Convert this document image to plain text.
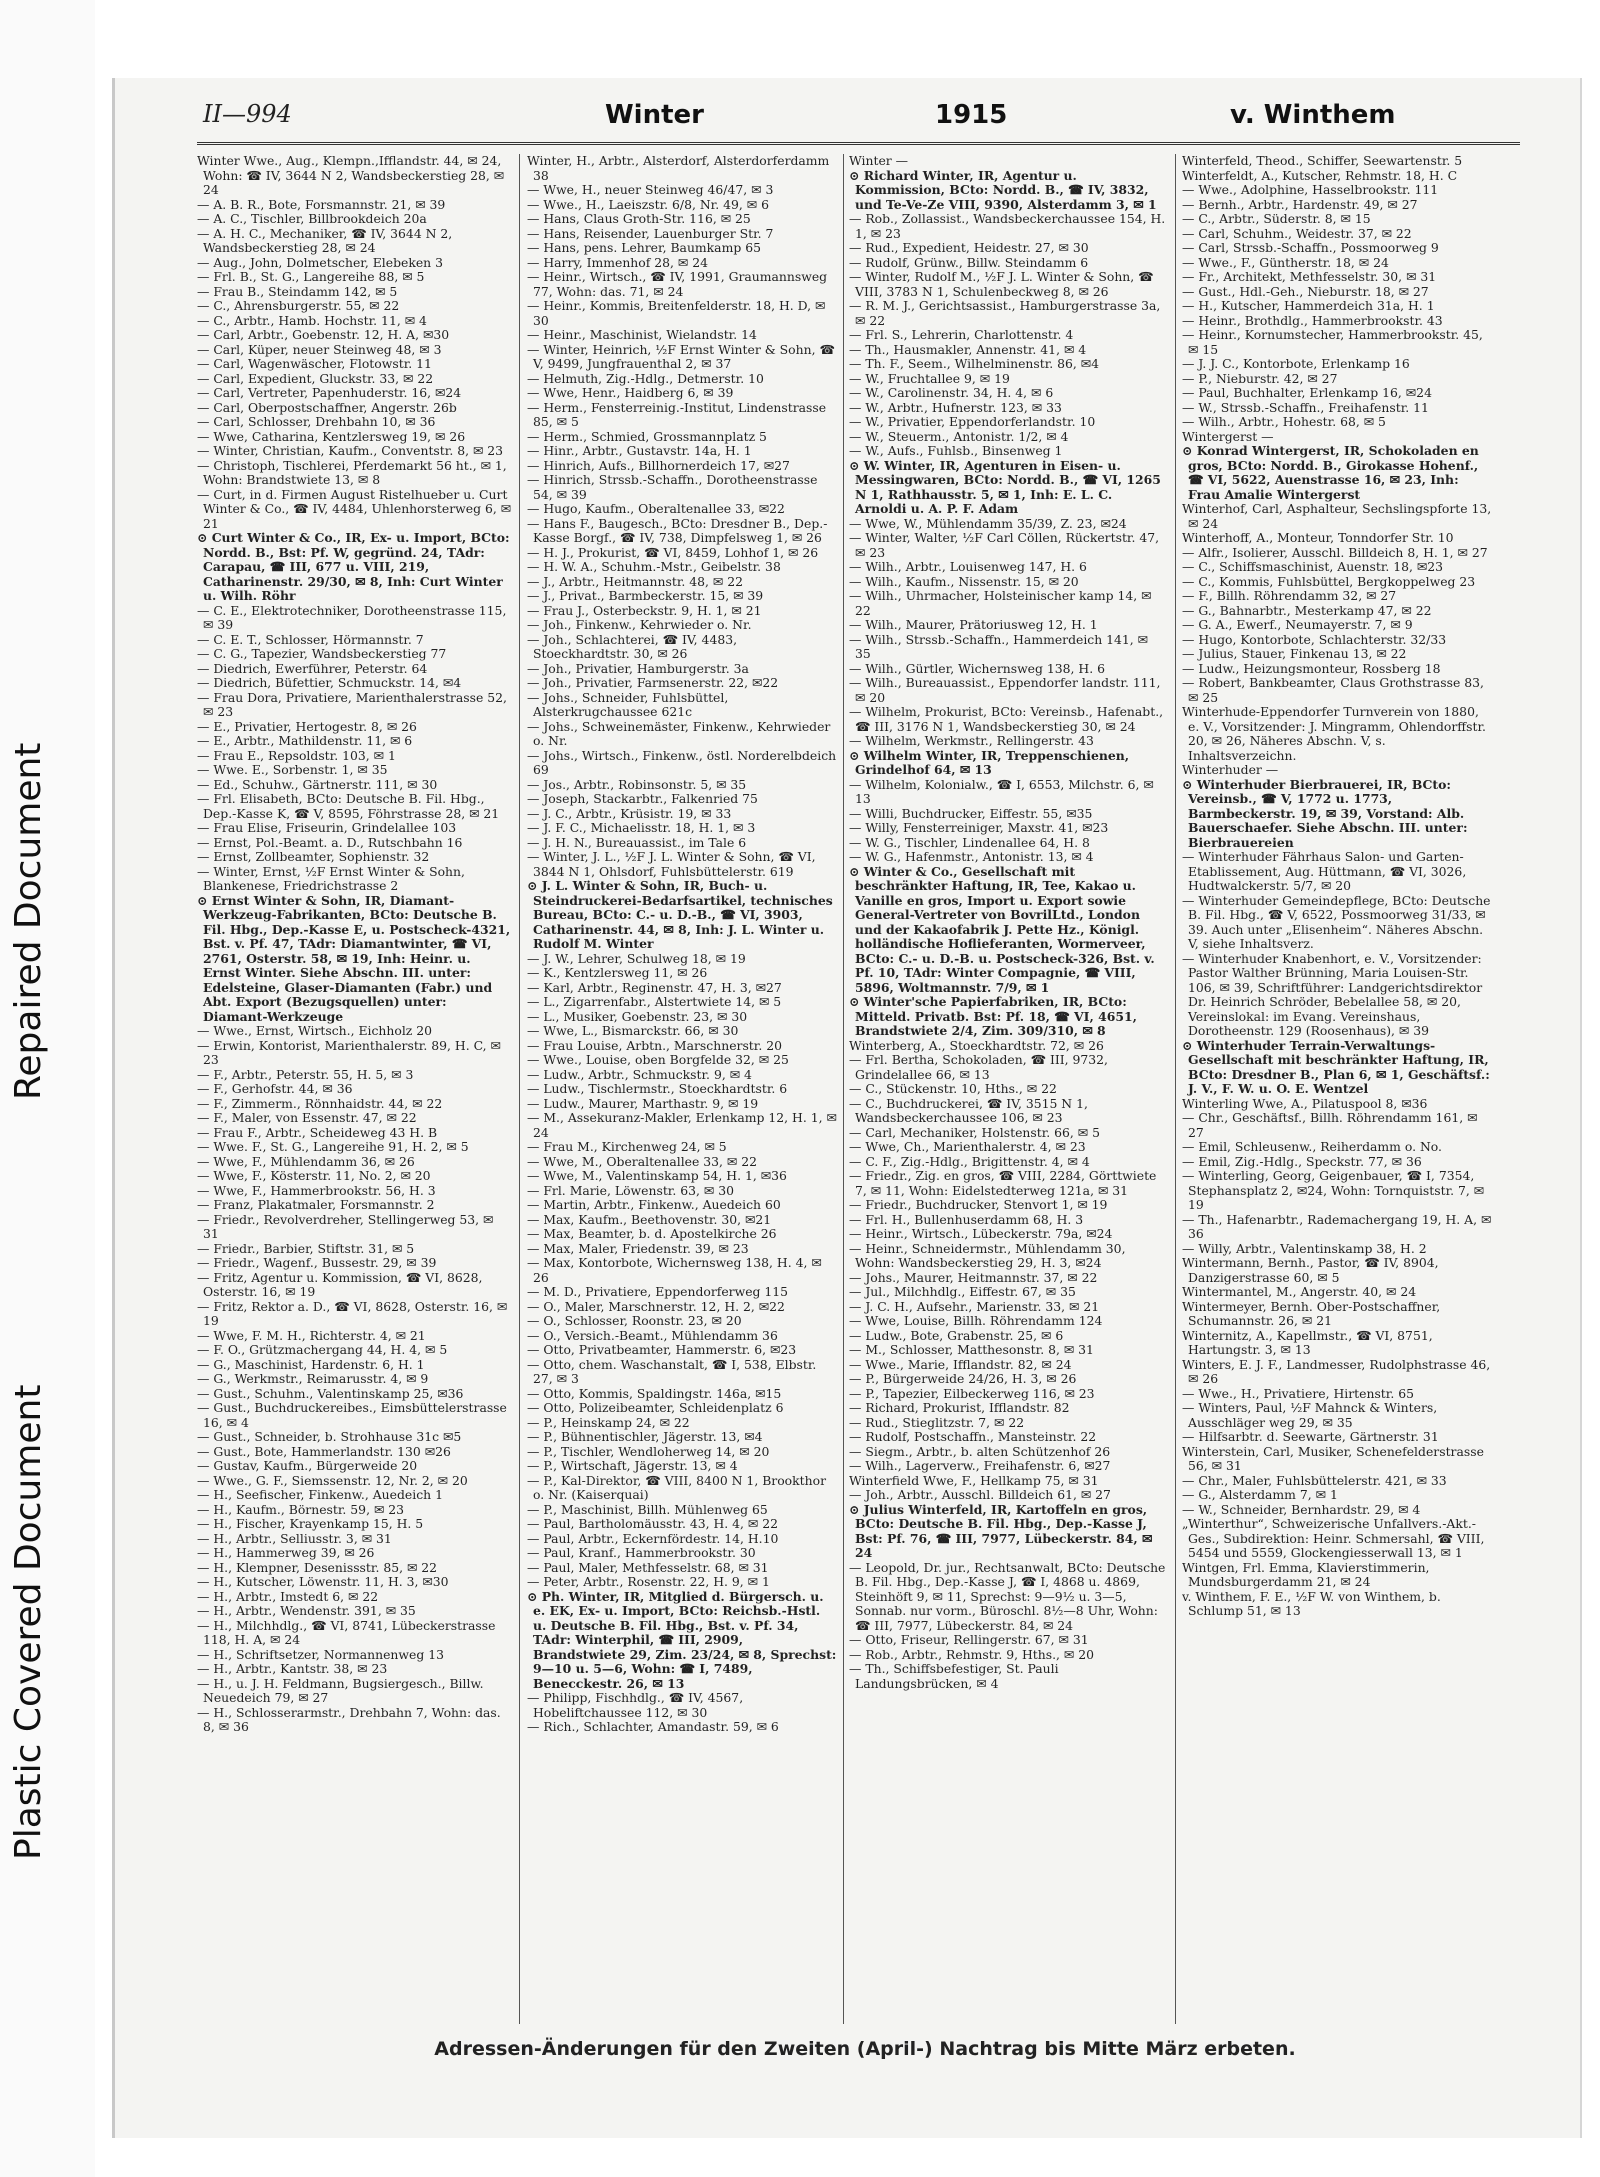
Repaired Document
Plastic Covered Document
II—994	Winter	1915	v. Winthem

Winter Wwe., Aug., Klempn.,Ifflandstr. 44, ✉ 24, Wohn: ☎ IV, 3644 N 2, Wandsbeckerstieg 28, ✉ 24

— A. B. R., Bote, Forsmannstr. 21, ✉ 39

— A. C., Tischler, Billbrookdeich 20a

— A. H. C., Mechaniker, ☎ IV, 3644 N 2, Wandsbeckerstieg 28, ✉ 24

— Aug., John, Dolmetscher, Elebeken 3

— Frl. B., St. G., Langereihe 88, ✉ 5

— Frau B., Steindamm 142, ✉ 5

— C., Ahrensburgerstr. 55, ✉ 22

— C., Arbtr., Hamb. Hochstr. 11, ✉ 4

— Carl, Arbtr., Goebenstr. 12, H. A, ✉30

— Carl, Küper, neuer Steinweg 48, ✉ 3

— Carl, Wagenwäscher, Flotowstr. 11

— Carl, Expedient, Gluckstr. 33, ✉ 22

— Carl, Vertreter, Papenhuderstr. 16, ✉24

— Carl, Oberpostschaffner, Angerstr. 26b

— Carl, Schlosser, Drehbahn 10, ✉ 36

— Wwe, Catharina, Kentzlersweg 19, ✉ 26

— Winter, Christian, Kaufm., Conventstr. 8, ✉ 23

— Christoph, Tischlerei, Pferdemarkt 56 ht., ✉ 1, Wohn: Brandstwiete 13, ✉ 8

— Curt, in d. Firmen August Ristelhueber u. Curt Winter & Co., ☎ IV, 4484, Uhlenhorsterweg 6, ✉ 21

⊙ Curt Winter & Co., IR, Ex- u. Import, BCto: Nordd. B., Bst: Pf. W, gegründ. 24, TAdr: Carapau, ☎ III, 677 u. VIII, 219, Catharinenstr. 29/30, ✉ 8, Inh: Curt Winter u. Wilh. Röhr

— C. E., Elektrotechniker, Dorotheenstrasse 115, ✉ 39

— C. E. T., Schlosser, Hörmannstr. 7

— C. G., Tapezier, Wandsbeckerstieg 77

— Diedrich, Ewerführer, Peterstr. 64

— Diedrich, Büfettier, Schmuckstr. 14, ✉4

— Frau Dora, Privatiere, Marienthalerstrasse 52, ✉ 23

— E., Privatier, Hertogestr. 8, ✉ 26

— E., Arbtr., Mathildenstr. 11, ✉ 6

— Frau E., Repsoldstr. 103, ✉ 1

— Wwe. E., Sorbenstr. 1, ✉ 35

— Ed., Schuhw., Gärtnerstr. 111, ✉ 30

— Frl. Elisabeth, BCto: Deutsche B. Fil. Hbg., Dep.-Kasse K, ☎ V, 8595, Föhrstrasse 28, ✉ 21

— Frau Elise, Friseurin, Grindelallee 103

— Ernst, Pol.-Beamt. a. D., Rutschbahn 16

— Ernst, Zollbeamter, Sophienstr. 32

— Winter, Ernst, ½F Ernst Winter & Sohn, Blankenese, Friedrichstrasse 2

⊙ Ernst Winter & Sohn, IR, Diamant-Werkzeug-Fabrikanten, BCto: Deutsche B. Fil. Hbg., Dep.-Kasse E, u. Postscheck-4321, Bst. v. Pf. 47, TAdr: Diamantwinter, ☎ VI, 2761, Osterstr. 58, ✉ 19, Inh: Heinr. u. Ernst Winter. Siehe Abschn. III. unter: Edelsteine, Glaser-Diamanten (Fabr.) und Abt. Export (Bezugsquellen) unter: Diamant-Werkzeuge

— Wwe., Ernst, Wirtsch., Eichholz 20

— Erwin, Kontorist, Marienthalerstr. 89, H. C, ✉ 23

— F., Arbtr., Peterstr. 55, H. 5, ✉ 3

— F., Gerhofstr. 44, ✉ 36

— F., Zimmerm., Rönnhaidstr. 44, ✉ 22

— F., Maler, von Essenstr. 47, ✉ 22

— Frau F., Arbtr., Scheideweg 43 H. B

— Wwe. F., St. G., Langereihe 91, H. 2, ✉ 5

— Wwe, F., Mühlendamm 36, ✉ 26

— Wwe, F., Kösterstr. 11, No. 2, ✉ 20

— Wwe, F., Hammerbrookstr. 56, H. 3

— Franz, Plakatmaler, Forsmannstr. 2

— Friedr., Revolverdreher, Stellingerweg 53, ✉ 31

— Friedr., Barbier, Stiftstr. 31, ✉ 5

— Friedr., Wagenf., Bussestr. 29, ✉ 39

— Fritz, Agentur u. Kommission, ☎ VI, 8628, Osterstr. 16, ✉ 19

— Fritz, Rektor a. D., ☎ VI, 8628, Osterstr. 16, ✉ 19

— Wwe, F. M. H., Richterstr. 4, ✉ 21

— F. O., Grützmachergang 44, H. 4, ✉ 5

— G., Maschinist, Hardenstr. 6, H. 1

— G., Werkmstr., Reimarusstr. 4, ✉ 9

— Gust., Schuhm., Valentinskamp 25, ✉36

— Gust., Buchdruckereibes., Eimsbüttelerstrasse 16, ✉ 4

— Gust., Schneider, b. Strohhause 31c ✉5

— Gust., Bote, Hammerlandstr. 130 ✉26

— Gustav, Kaufm., Bürgerweide 20

— Wwe., G. F., Siemssenstr. 12, Nr. 2, ✉ 20

— H., Seefischer, Finkenw., Auedeich 1

— H., Kaufm., Börnestr. 59, ✉ 23

— H., Fischer, Krayenkamp 15, H. 5

— H., Arbtr., Selliusstr. 3, ✉ 31

— H., Hammerweg 39, ✉ 26

— H., Klempner, Desenissstr. 85, ✉ 22

— H., Kutscher, Löwenstr. 11, H. 3, ✉30

— H., Arbtr., Imstedt 6, ✉ 22

— H., Arbtr., Wendenstr. 391, ✉ 35

— H., Milchhdlg., ☎ VI, 8741, Lübeckerstrasse 118, H. A, ✉ 24

— H., Schriftsetzer, Normannenweg 13

— H., Arbtr., Kantstr. 38, ✉ 23

— H., u. J. H. Feldmann, Bugsiergesch., Billw. Neuedeich 79, ✉ 27

— H., Schlosserarmstr., Drehbahn 7, Wohn: das. 8, ✉ 36

Winter, H., Arbtr., Alsterdorf, Alsterdorferdamm 38

— Wwe, H., neuer Steinweg 46/47, ✉ 3

— Wwe., H., Laeiszstr. 6/8, Nr. 49, ✉ 6

— Hans, Claus Groth-Str. 116, ✉ 25

— Hans, Reisender, Lauenburger Str. 7

— Hans, pens. Lehrer, Baumkamp 65

— Harry, Immenhof 28, ✉ 24

— Heinr., Wirtsch., ☎ IV, 1991, Graumannsweg 77, Wohn: das. 71, ✉ 24

— Heinr., Kommis, Breitenfelderstr. 18, H. D, ✉ 30

— Heinr., Maschinist, Wielandstr. 14

— Winter, Heinrich, ½F Ernst Winter & Sohn, ☎ V, 9499, Jungfrauenthal 2, ✉ 37

— Helmuth, Zig.-Hdlg., Detmerstr. 10

— Wwe, Henr., Haidberg 6, ✉ 39

— Herm., Fensterreinig.-Institut, Lindenstrasse 85, ✉ 5

— Herm., Schmied, Grossmannplatz 5

— Hinr., Arbtr., Gustavstr. 14a, H. 1

— Hinrich, Aufs., Billhornerdeich 17, ✉27

— Hinrich, Strssb.-Schaffn., Dorotheenstrasse 54, ✉ 39

— Hugo, Kaufm., Oberaltenallee 33, ✉22

— Hans F., Baugesch., BCto: Dresdner B., Dep.-Kasse Borgf., ☎ IV, 738, Dimpfelsweg 1, ✉ 26

— H. J., Prokurist, ☎ VI, 8459, Lohhof 1, ✉ 26

— H. W. A., Schuhm.-Mstr., Geibelstr. 38

— J., Arbtr., Heitmannstr. 48, ✉ 22

— J., Privat., Barmbeckerstr. 15, ✉ 39

— Frau J., Osterbeckstr. 9, H. 1, ✉ 21

— Joh., Finkenw., Kehrwieder o. Nr.

— Joh., Schlachterei, ☎ IV, 4483, Stoeckhardtstr. 30, ✉ 26

— Joh., Privatier, Hamburgerstr. 3a

— Joh., Privatier, Farmsenerstr. 22, ✉22

— Johs., Schneider, Fuhlsbüttel, Alsterkrugchaussee 621c

— Johs., Schweinemäster, Finkenw., Kehrwieder o. Nr.

— Johs., Wirtsch., Finkenw., östl. Norderelbdeich 69

— Jos., Arbtr., Robinsonstr. 5, ✉ 35

— Joseph, Stackarbtr., Falkenried 75

— J. C., Arbtr., Krüsistr. 19, ✉ 33

— J. F. C., Michaelisstr. 18, H. 1, ✉ 3

— J. H. N., Bureauassist., im Tale 6

— Winter, J. L., ½F J. L. Winter & Sohn, ☎ VI, 3844 N 1, Ohlsdorf, Fuhlsbüttelerstr. 619

⊙ J. L. Winter & Sohn, IR, Buch- u. Steindruckerei-Bedarfsartikel, technisches Bureau, BCto: C.- u. D.-B., ☎ VI, 3903, Catharinenstr. 44, ✉ 8, Inh: J. L. Winter u. Rudolf M. Winter

— J. W., Lehrer, Schulweg 18, ✉ 19

— K., Kentzlersweg 11, ✉ 26

— Karl, Arbtr., Reginenstr. 47, H. 3, ✉27

— L., Zigarrenfabr., Alstertwiete 14, ✉ 5

— L., Musiker, Goebenstr. 23, ✉ 30

— Wwe, L., Bismarckstr. 66, ✉ 30

— Frau Louise, Arbtn., Marschnerstr. 20

— Wwe., Louise, oben Borgfelde 32, ✉ 25

— Ludw., Arbtr., Schmuckstr. 9, ✉ 4

— Ludw., Tischlermstr., Stoeckhardtstr. 6

— Ludw., Maurer, Marthastr. 9, ✉ 19

— M., Assekuranz-Makler, Erlenkamp 12, H. 1, ✉ 24

— Frau M., Kirchenweg 24, ✉ 5

— Wwe, M., Oberaltenallee 33, ✉ 22

— Wwe, M., Valentinskamp 54, H. 1, ✉36

— Frl. Marie, Löwenstr. 63, ✉ 30

— Martin, Arbtr., Finkenw., Auedeich 60

— Max, Kaufm., Beethovenstr. 30, ✉21

— Max, Beamter, b. d. Apostelkirche 26

— Max, Maler, Friedenstr. 39, ✉ 23

— Max, Kontorbote, Wichernsweg 138, H. 4, ✉ 26

— M. D., Privatiere, Eppendorferweg 115

— O., Maler, Marschnerstr. 12, H. 2, ✉22

— O., Schlosser, Roonstr. 23, ✉ 20

— O., Versich.-Beamt., Mühlendamm 36

— Otto, Privatbeamter, Hammerstr. 6, ✉23

— Otto, chem. Waschanstalt, ☎ I, 538, Elbstr. 27, ✉ 3

— Otto, Kommis, Spaldingstr. 146a, ✉15

— Otto, Polizeibeamter, Schleidenplatz 6

— P., Heinskamp 24, ✉ 22

— P., Bühnentischler, Jägerstr. 13, ✉4

— P., Tischler, Wendloherweg 14, ✉ 20

— P., Wirtschaft, Jägerstr. 13, ✉ 4

— P., Kal-Direktor, ☎ VIII, 8400 N 1, Brookthor o. Nr. (Kaiserquai)

— P., Maschinist, Billh. Mühlenweg 65

— Paul, Bartholomäusstr. 43, H. 4, ✉ 22

— Paul, Arbtr., Eckernfördestr. 14, H.10

— Paul, Kranf., Hammerbrookstr. 30

— Paul, Maler, Methfesselstr. 68, ✉ 31

— Peter, Arbtr., Rosenstr. 22, H. 9, ✉ 1

⊙ Ph. Winter, IR, Mitglied d. Bürgersch. u. e. EK, Ex- u. Import, BCto: Reichsb.-Hstl. u. Deutsche B. Fil. Hbg., Bst. v. Pf. 34, TAdr: Winterphil, ☎ III, 2909, Brandstwiete 29, Zim. 23/24, ✉ 8, Sprechst: 9—10 u. 5—6, Wohn: ☎ I, 7489, Benecckestr. 26, ✉ 13

— Philipp, Fischhdlg., ☎ IV, 4567, Hobeliftchaussee 112, ✉ 30

— Rich., Schlachter, Amandastr. 59, ✉ 6

Winter —

⊙ Richard Winter, IR, Agentur u. Kommission, BCto: Nordd. B., ☎ IV, 3832, und Te-Ve-Ze VIII, 9390, Alsterdamm 3, ✉ 1

— Rob., Zollassist., Wandsbeckerchaussee 154, H. 1, ✉ 23

— Rud., Expedient, Heidestr. 27, ✉ 30

— Rudolf, Grünw., Billw. Steindamm 6

— Winter, Rudolf M., ½F J. L. Winter & Sohn, ☎ VIII, 3783 N 1, Schulenbeckweg 8, ✉ 26

— R. M. J., Gerichtsassist., Hamburgerstrasse 3a, ✉ 22

— Frl. S., Lehrerin, Charlottenstr. 4

— Th., Hausmakler, Annenstr. 41, ✉ 4

— Th. F., Seem., Wilhelminenstr. 86, ✉4

— W., Fruchtallee 9, ✉ 19

— W., Carolinenstr. 34, H. 4, ✉ 6

— W., Arbtr., Hufnerstr. 123, ✉ 33

— W., Privatier, Eppendorferlandstr. 10

— W., Steuerm., Antonistr. 1/2, ✉ 4

— W., Aufs., Fuhlsb., Binsenweg 1

⊙ W. Winter, IR, Agenturen in Eisen- u. Messingwaren, BCto: Nordd. B., ☎ VI, 1265 N 1, Rathhausstr. 5, ✉ 1, Inh: E. L. C. Arnoldi u. A. P. F. Adam

— Wwe, W., Mühlendamm 35/39, Z. 23, ✉24

— Winter, Walter, ½F Carl Cöllen, Rückertstr. 47, ✉ 23

— Wilh., Arbtr., Louisenweg 147, H. 6

— Wilh., Kaufm., Nissenstr. 15, ✉ 20

— Wilh., Uhrmacher, Holsteinischer kamp 14, ✉ 22

— Wilh., Maurer, Prätoriusweg 12, H. 1

— Wilh., Strssb.-Schaffn., Hammerdeich 141, ✉ 35

— Wilh., Gürtler, Wichernsweg 138, H. 6

— Wilh., Bureauassist., Eppendorfer landstr. 111, ✉ 20

— Wilhelm, Prokurist, BCto: Vereinsb., Hafenabt., ☎ III, 3176 N 1, Wandsbeckerstieg 30, ✉ 24

— Wilhelm, Werkmstr., Rellingerstr. 43

⊙ Wilhelm Winter, IR, Treppenschienen, Grindelhof 64, ✉ 13

— Wilhelm, Kolonialw., ☎ I, 6553, Milchstr. 6, ✉ 13

— Willi, Buchdrucker, Eiffestr. 55, ✉35

— Willy, Fensterreiniger, Maxstr. 41, ✉23

— W. G., Tischler, Lindenallee 64, H. 8

— W. G., Hafenmstr., Antonistr. 13, ✉ 4

⊙ Winter & Co., Gesellschaft mit beschränkter Haftung, IR, Tee, Kakao u. Vanille en gros, Import u. Export sowie General-Vertreter von BovrilLtd., London und der Kakaofabrik J. Pette Hz., Königl. holländische Hoflieferanten, Wormerveer, BCto: C.- u. D.-B. u. Postscheck-326, Bst. v. Pf. 10, TAdr: Winter Compagnie, ☎ VIII, 5896, Woltmannstr. 7/9, ✉ 1

⊙ Winter'sche Papierfabriken, IR, BCto: Mitteld. Privatb. Bst: Pf. 18, ☎ VI, 4651, Brandstwiete 2/4, Zim. 309/310, ✉ 8

Winterberg, A., Stoeckhardtstr. 72, ✉ 26

— Frl. Bertha, Schokoladen, ☎ III, 9732, Grindelallee 66, ✉ 13

— C., Stückenstr. 10, Hths., ✉ 22

— C., Buchdruckerei, ☎ IV, 3515 N 1, Wandsbeckerchaussee 106, ✉ 23

— Carl, Mechaniker, Holstenstr. 66, ✉ 5

— Wwe, Ch., Marienthalerstr. 4, ✉ 23

— C. F., Zig.-Hdlg., Brigittenstr. 4, ✉ 4

— Friedr., Zig. en gros, ☎ VIII, 2284, Görttwiete 7, ✉ 11, Wohn: Eidelstedterweg 121a, ✉ 31

— Friedr., Buchdrucker, Stenvort 1, ✉ 19

— Frl. H., Bullenhuserdamm 68, H. 3

— Heinr., Wirtsch., Lübeckerstr. 79a, ✉24

— Heinr., Schneidermstr., Mühlendamm 30, Wohn: Wandsbeckerstieg 29, H. 3, ✉24

— Johs., Maurer, Heitmannstr. 37, ✉ 22

— Jul., Milchhdlg., Eiffestr. 67, ✉ 35

— J. C. H., Aufsehr., Marienstr. 33, ✉ 21

— Wwe, Louise, Billh. Röhrendamm 124

— Ludw., Bote, Grabenstr. 25, ✉ 6

— M., Schlosser, Matthesonstr. 8, ✉ 31

— Wwe., Marie, Ifflandstr. 82, ✉ 24

— P., Bürgerweide 24/26, H. 3, ✉ 26

— P., Tapezier, Eilbeckerweg 116, ✉ 23

— Richard, Prokurist, Ifflandstr. 82

— Rud., Stieglitzstr. 7, ✉ 22

— Rudolf, Postschaffn., Mansteinstr. 22

— Siegm., Arbtr., b. alten Schützenhof 26

— Wilh., Lagerverw., Freihafenstr. 6, ✉27

Winterfield Wwe, F., Hellkamp 75, ✉ 31

— Joh., Arbtr., Ausschl. Billdeich 61, ✉ 27

⊙ Julius Winterfeld, IR, Kartoffeln en gros, BCto: Deutsche B. Fil. Hbg., Dep.-Kasse J, Bst: Pf. 76, ☎ III, 7977, Lübeckerstr. 84, ✉ 24

— Leopold, Dr. jur., Rechtsanwalt, BCto: Deutsche B. Fil. Hbg., Dep.-Kasse J, ☎ I, 4868 u. 4869, Steinhöft 9, ✉ 11, Sprechst: 9—9½ u. 3—5, Sonnab. nur vorm., Büroschl. 8½—8 Uhr, Wohn: ☎ III, 7977, Lübeckerstr. 84, ✉ 24

— Otto, Friseur, Rellingerstr. 67, ✉ 31

— Rob., Arbtr., Rehmstr. 9, Hths., ✉ 20

— Th., Schiffsbefestiger, St. Pauli Landungsbrücken, ✉ 4

Winterfeld, Theod., Schiffer, Seewartenstr. 5

Winterfeldt, A., Kutscher, Rehmstr. 18, H. C

— Wwe., Adolphine, Hasselbrookstr. 111

— Bernh., Arbtr., Hardenstr. 49, ✉ 27

— C., Arbtr., Süderstr. 8, ✉ 15

— Carl, Schuhm., Weidestr. 37, ✉ 22

— Carl, Strssb.-Schaffn., Possmoorweg 9

— Wwe., F., Güntherstr. 18, ✉ 24

— Fr., Architekt, Methfesselstr. 30, ✉ 31

— Gust., Hdl.-Geh., Nieburstr. 18, ✉ 27

— H., Kutscher, Hammerdeich 31a, H. 1

— Heinr., Brothdlg., Hammerbrookstr. 43

— Heinr., Kornumstecher, Hammerbrookstr. 45, ✉ 15

— J. J. C., Kontorbote, Erlenkamp 16

— P., Nieburstr. 42, ✉ 27

— Paul, Buchhalter, Erlenkamp 16, ✉24

— W., Strssb.-Schaffn., Freihafenstr. 11

— Wilh., Arbtr., Hohestr. 68, ✉ 5

Wintergerst —

⊙ Konrad Wintergerst, IR, Schokoladen en gros, BCto: Nordd. B., Girokasse Hohenf., ☎ VI, 5622, Auenstrasse 16, ✉ 23, Inh: Frau Amalie Wintergerst

Winterhof, Carl, Asphalteur, Sechslingspforte 13, ✉ 24

Winterhoff, A., Monteur, Tonndorfer Str. 10

— Alfr., Isolierer, Ausschl. Billdeich 8, H. 1, ✉ 27

— C., Schiffsmaschinist, Auenstr. 18, ✉23

— C., Kommis, Fuhlsbüttel, Bergkoppelweg 23

— F., Billh. Röhrendamm 32, ✉ 27

— G., Bahnarbtr., Mesterkamp 47, ✉ 22

— G. A., Ewerf., Neumayerstr. 7, ✉ 9

— Hugo, Kontorbote, Schlachterstr. 32/33

— Julius, Stauer, Finkenau 13, ✉ 22

— Ludw., Heizungsmonteur, Rossberg 18

— Robert, Bankbeamter, Claus Grothstrasse 83, ✉ 25

Winterhude-Eppendorfer Turnverein von 1880, e. V., Vorsitzender: J. Mingramm, Ohlendorffstr. 20, ✉ 26, Näheres Abschn. V, s. Inhaltsverzeichn.

Winterhuder —

⊙ Winterhuder Bierbrauerei, IR, BCto: Vereinsb., ☎ V, 1772 u. 1773, Barmbeckerstr. 19, ✉ 39, Vorstand: Alb. Bauerschaefer. Siehe Abschn. III. unter: Bierbrauereien

— Winterhuder Fährhaus Salon- und Garten-Etablissement, Aug. Hüttmann, ☎ VI, 3026, Hudtwalckerstr. 5/7, ✉ 20

— Winterhuder Gemeindepflege, BCto: Deutsche B. Fil. Hbg., ☎ V, 6522, Possmoorweg 31/33, ✉ 39. Auch unter „Elisenheim“. Näheres Abschn. V, siehe Inhaltsverz.

— Winterhuder Knabenhort, e. V., Vorsitzender: Pastor Walther Brünning, Maria Louisen-Str. 106, ✉ 39, Schriftführer: Landgerichtsdirektor Dr. Heinrich Schröder, Bebelallee 58, ✉ 20, Vereinslokal: im Evang. Vereinshaus, Dorotheenstr. 129 (Roosenhaus), ✉ 39

⊙ Winterhuder Terrain-Verwaltungs-Gesellschaft mit beschränkter Haftung, IR, BCto: Dresdner B., Plan 6, ✉ 1, Geschäftsf.: J. V., F. W. u. O. E. Wentzel

Winterling Wwe, A., Pilatuspool 8, ✉36

— Chr., Geschäftsf., Billh. Röhrendamm 161, ✉ 27

— Emil, Schleusenw., Reiherdamm o. No.

— Emil, Zig.-Hdlg., Speckstr. 77, ✉ 36

— Winterling, Georg, Geigenbauer, ☎ I, 7354, Stephansplatz 2, ✉24, Wohn: Tornquiststr. 7, ✉ 19

— Th., Hafenarbtr., Rademachergang 19, H. A, ✉ 36

— Willy, Arbtr., Valentinskamp 38, H. 2

Wintermann, Bernh., Pastor, ☎ IV, 8904, Danzigerstrasse 60, ✉ 5

Wintermantel, M., Angerstr. 40, ✉ 24

Wintermeyer, Bernh. Ober-Postschaffner, Schumannstr. 26, ✉ 21

Winternitz, A., Kapellmstr., ☎ VI, 8751, Hartungstr. 3, ✉ 13

Winters, E. J. F., Landmesser, Rudolphstrasse 46, ✉ 26

— Wwe., H., Privatiere, Hirtenstr. 65

— Winters, Paul, ½F Mahnck & Winters, Ausschläger weg 29, ✉ 35

— Hilfsarbtr. d. Seewarte, Gärtnerstr. 31

Winterstein, Carl, Musiker, Schenefelderstrasse 56, ✉ 31

— Chr., Maler, Fuhlsbüttelerstr. 421, ✉ 33

— G., Alsterdamm 7, ✉ 1

— W., Schneider, Bernhardstr. 29, ✉ 4

„Winterthur“, Schweizerische Unfallvers.-Akt.-Ges., Subdirektion: Heinr. Schmersahl, ☎ VIII, 5454 und 5559, Glockengiesserwall 13, ✉ 1

Wintgen, Frl. Emma, Klavierstimmerin, Mundsburgerdamm 21, ✉ 24

v. Winthem, F. E., ½F W. von Winthem, b. Schlump 51, ✉ 13

Adressen-Änderungen für den Zweiten (April-) Nachtrag bis Mitte März erbeten.
